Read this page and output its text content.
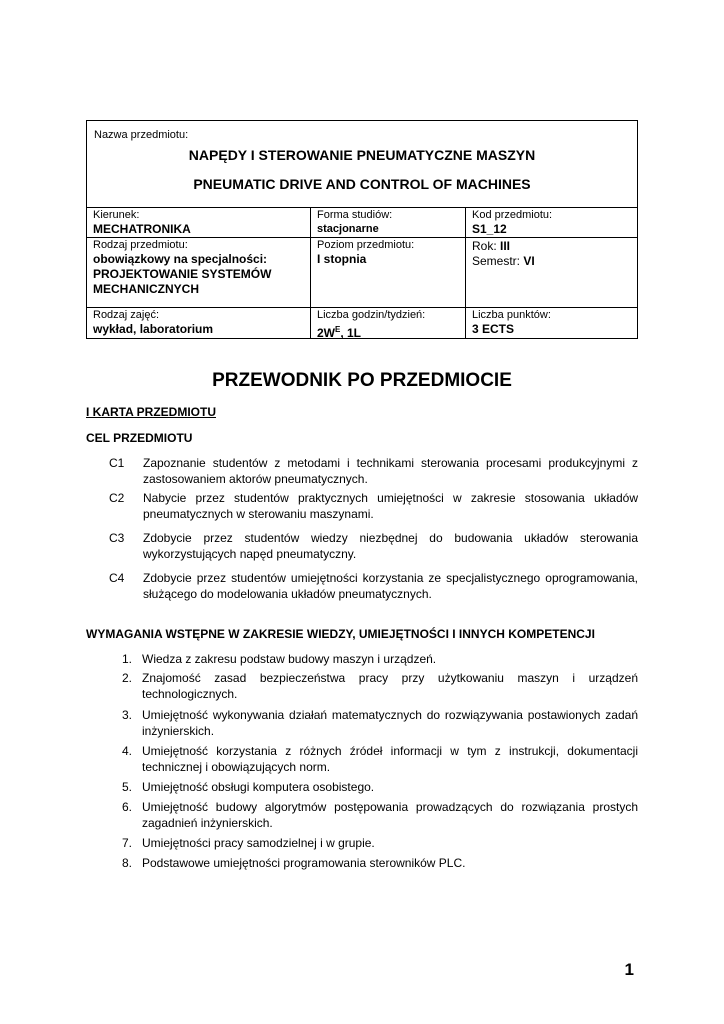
Nazwa przedmiotu:
NAPĘDY I STEROWANIE PNEUMATYCZNE MASZYN
PNEUMATIC DRIVE AND CONTROL OF MACHINES
Kierunek:
MECHATRONIKA
Forma studiów:
stacjonarne
Kod przedmiotu:
S1_12
Rodzaj przedmiotu:
obowiązkowy na specjalności:
PROJEKTOWANIE SYSTEMÓW
MECHANICZNYCH
Poziom przedmiotu:
I stopnia
Rok: III
Semestr: VI
Rodzaj zajęć:
wykład, laboratorium
Liczba godzin/tydzień:
$2W^E$, 1L
Liczba punktów:
3 ECTS
PRZEWODNIK PO PRZEDMIOCIE
I KARTA PRZEDMIOTU
CEL PRZEDMIOTU
C1 Zapoznanie studentów z metodami i technikami sterowania procesami produkcyjnymi z zastosowaniem aktorów pneumatycznych.
C2 Nabycie przez studentów praktycznych umiejętności w zakresie stosowania układów pneumatycznych w sterowaniu maszynami.
C3 Zdobycie przez studentów wiedzy niezbędnej do budowania układów sterowania wykorzystujących napęd pneumatyczny.
C4 Zdobycie przez studentów umiejętności korzystania ze specjalistycznego oprogramowania, służącego do modelowania układów pneumatycznych.
WYMAGANIA WSTĘPNE W ZAKRESIE WIEDZY, UMIEJĘTNOŚCI I INNYCH KOMPETENCJI
1. Wiedza z zakresu podstaw budowy maszyn i urządzeń.
2. Znajomość zasad bezpieczeństwa pracy przy użytkowaniu maszyn i urządzeń technologicznych.
3. Umiejętność wykonywania działań matematycznych do rozwiązywania postawionych zadań inżynierskich.
4. Umiejętność korzystania z różnych źródeł informacji w tym z instrukcji, dokumentacji technicznej i obowiązujących norm.
5. Umiejętność obsługi komputera osobistego.
6. Umiejętność budowy algorytmów postępowania prowadzących do rozwiązania prostych zagadnień inżynierskich.
7. Umiejętności pracy samodzielnej i w grupie.
8. Podstawowe umiejętności programowania sterowników PLC.
1
